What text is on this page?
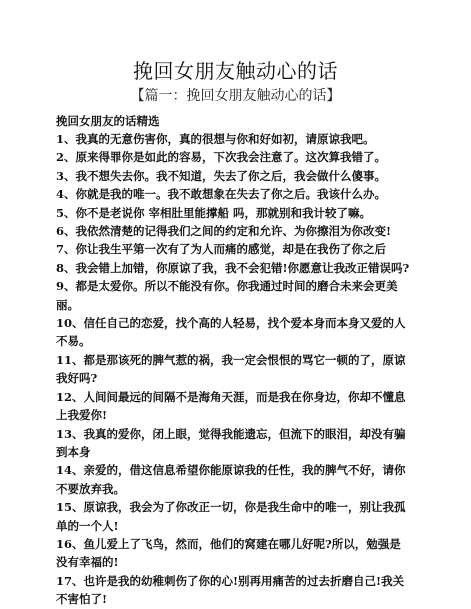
挽回女朋友触动心的话
【篇一：挽回女朋友触动心的话】
挽回女朋友的话精选
1、我真的无意伤害你，真的很想与你和好如初，请原谅我吧。
2、原来得罪你是如此的容易，下次我会注意了。这次算我错了。
3、我不想失去你。我不知道，失去了你之后，我会做什么傻事。
4、你就是我的唯一。我不敢想象在失去了你之后。我该什么办。
5、你不是老说你 宰相肚里能撑船 吗，那就别和我计较了嘛。
6、我依然清楚的记得我们之间的约定和允许、为你擦泪为你改变!
7、你让我生平第一次有了为人而痛的感觉，却是在我伤了你之后
8、我会错上加错，你原谅了我，我不会犯错!你愿意让我改正错误吗?
9、都是太爱你。所以不能没有你。你我通过时间的磨合未来会更美丽。
10、信任自己的恋爱，找个高的人轻易，找个爱本身而本身又爱的人不易。
11、都是那该死的脾气惹的祸，我一定会恨恨的骂它一顿的了，原谅我好吗?
12、人间间最远的间隔不是海角天涯，而是我在你身边，你却不懂息上我爱你!
13、我真的爱你，闭上眼，觉得我能遗忘，但流下的眼泪，却没有骗到本身
14、亲爱的，借这信息希望你能原谅我的任性，我的脾气不好，请你不要放弃我。
15、原谅我，我会为了你改正一切，你是我生命中的唯一，别让我孤单的一个人!
16、鱼儿爱上了飞鸟，然而，他们的窝建在哪儿好呢?所以，勉强是没有幸福的!
17、也许是我的幼稚刺伤了你的心!别再用痛苦的过去折磨自己!我关不害怕了!
